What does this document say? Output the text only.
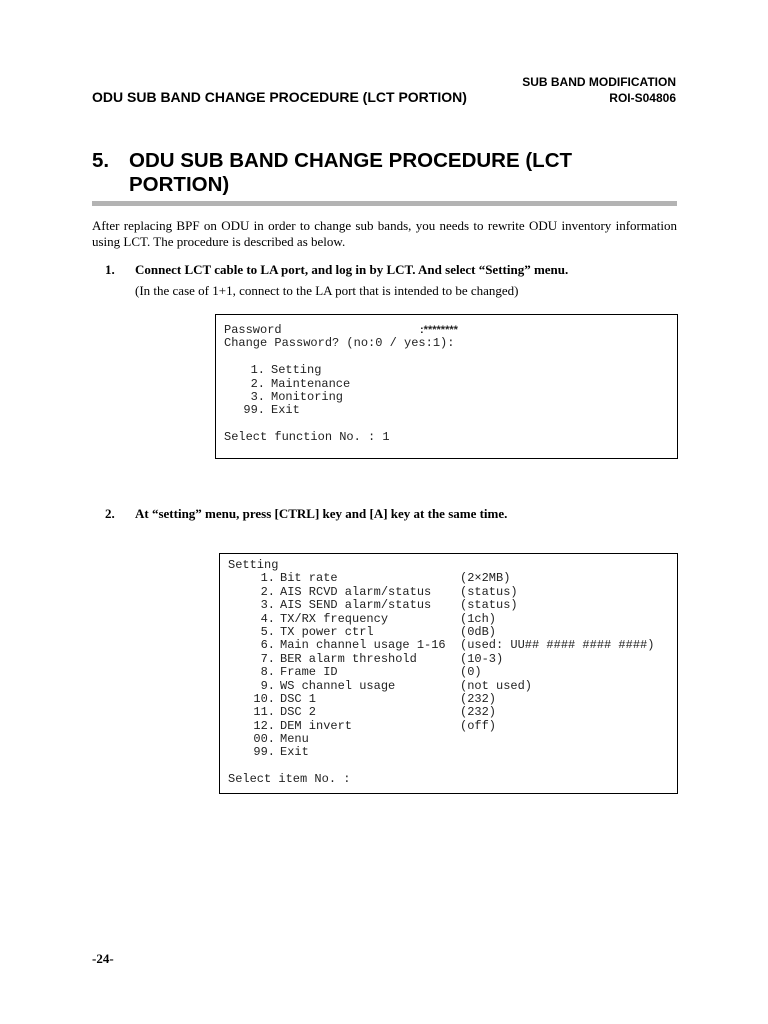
SUB BAND MODIFICATION
ODU SUB BAND CHANGE PROCEDURE (LCT PORTION)	ROI-S04806
5. ODU SUB BAND CHANGE PROCEDURE (LCT PORTION)
After replacing BPF on ODU in order to change sub bands, you needs to rewrite ODU inventory information using LCT. The procedure is described as below.
1.	Connect LCT cable to LA port, and log in by LCT. And select “Setting” menu.
(In the case of 1+1, connect to the LA port that is intended to be changed)
Password	:********
Change Password? (no:0 / yes:1):
1. Setting
2. Maintenance
3. Monitoring
99. Exit
Select function No. : 1
2.	At “setting” menu, press [CTRL] key and [A] key at the same time.
Setting
1. Bit rate	(2×2MB)
2. AIS RCVD alarm/status	(status)
3. AIS SEND alarm/status	(status)
4. TX/RX frequency	(1ch)
5. TX power ctrl	(0dB)
6. Main channel usage 1-16	(used: UU## #### #### ####)
7. BER alarm threshold	(10-3)
8. Frame ID	(0)
9. WS channel usage	(not used)
10. DSC 1	(232)
11. DSC 2	(232)
12. DEM invert	(off)
00. Menu
99. Exit
Select item No. :
-24-
